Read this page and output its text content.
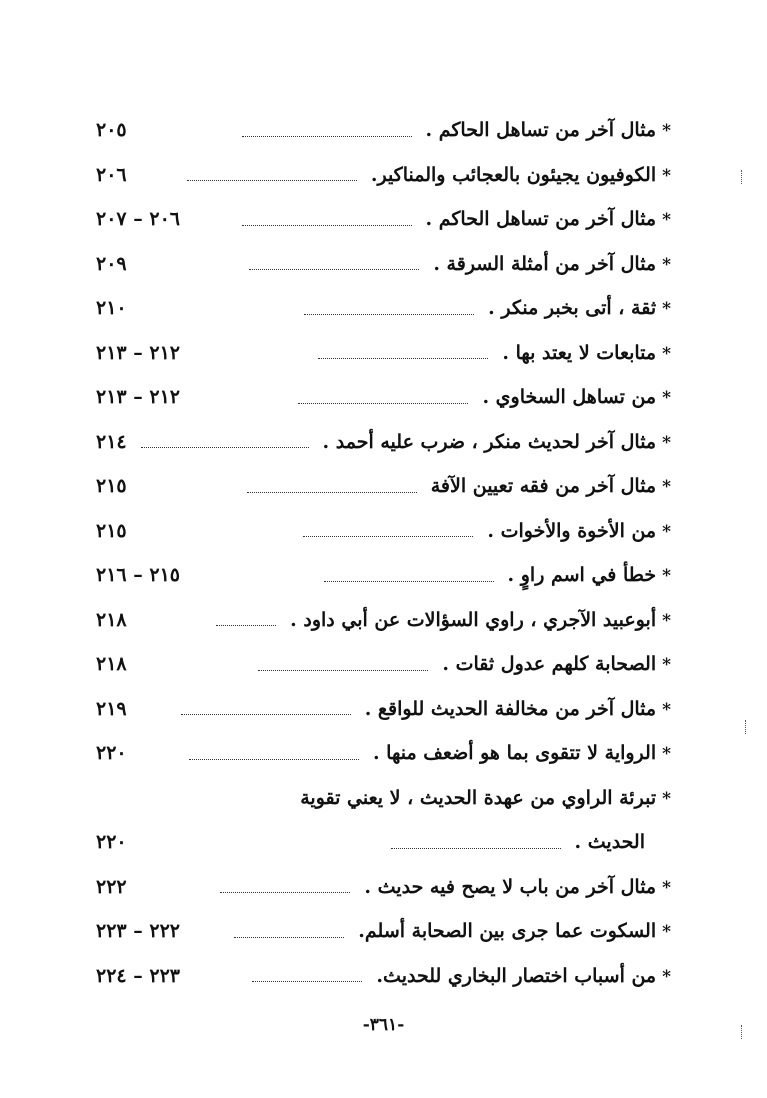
*
مثال آخر من تساهل الحاكم .
٢٠٥
*
الكوفيون يجيئون بالعجائب والمناكير.
٢٠٦
*
مثال آخر من تساهل الحاكم .
٢٠٦ – ٢٠٧
*
مثال آخر من أمثلة السرقة .
٢٠٩
*
ثقة ، أتى بخبر منكر .
٢١٠
*
متابعات لا يعتد بها .
٢١٢ – ٢١٣
*
من تساهل السخاوي .
٢١٢ – ٢١٣
*
مثال آخر لحديث منكر ، ضرب عليه أحمد .
٢١٤
*
مثال آخر من فقه تعيين الآفة
٢١٥
*
من الأخوة والأخوات .
٢١٥
*
خطأ في اسم راوٍ .
٢١٥ – ٢١٦
*
أبوعبيد الآجري ، راوي السؤالات عن أبي داود .
٢١٨
*
الصحابة كلهم عدول ثقات .
٢١٨
*
مثال آخر من مخالفة الحديث للواقع .
٢١٩
*
الرواية لا تتقوى بما هو أضعف منها .
٢٢٠
*
تبرئة الراوي من عهدة الحديث ، لا يعني تقوية
الحديث .
٢٢٠
*
مثال آخر من باب لا يصح فيه حديث .
٢٢٢
*
السكوت عما جرى بين الصحابة أسلم.
٢٢٢ – ٢٢٣
*
من أسباب اختصار البخاري للحديث.
٢٢٣ – ٢٢٤
-٣٦١-
